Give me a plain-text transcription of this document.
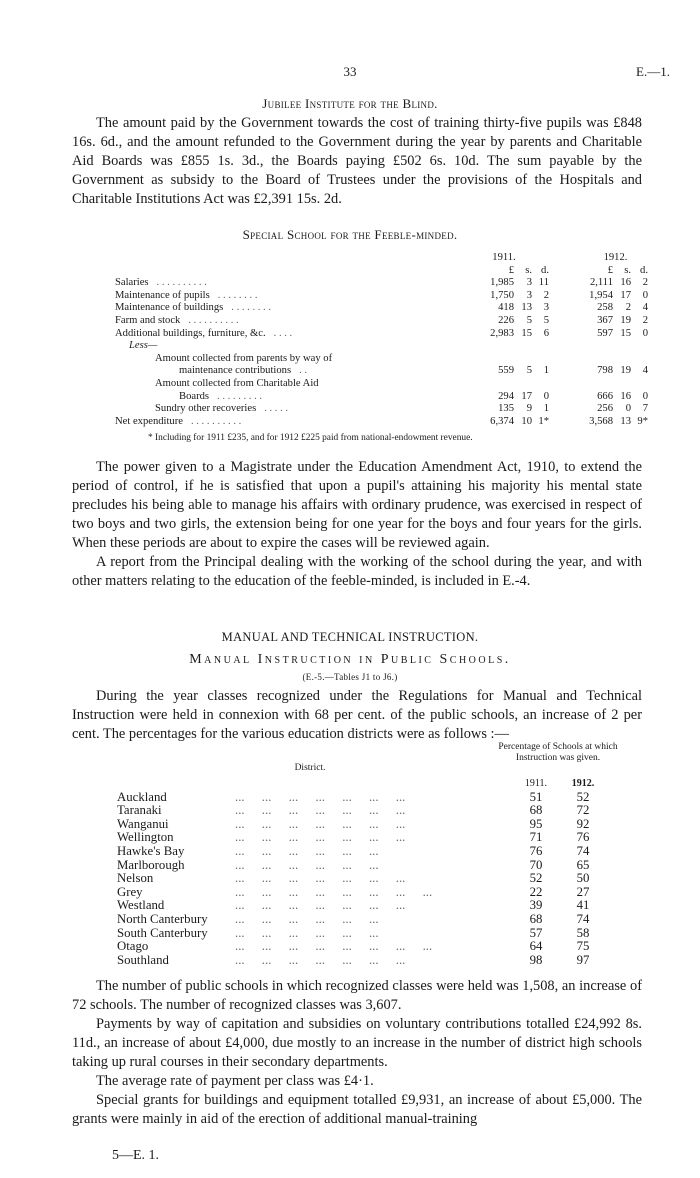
33	E.—1.
Jubilee Institute for the Blind.

The amount paid by the Government towards the cost of training thirty-five pupils was £848 16s. 6d., and the amount refunded to the Government during the year by parents and Charitable Aid Boards was £855 1s. 3d., the Boards paying £502 6s. 10d. The sum payable by the Government as subsidy to the Board of Trustees under the provisions of the Hospitals and Charitable Institutions Act was £2,391 15s. 2d.

Special School for the Feeble-minded.
	1911.				1912.		
	£	s.	d.		£	s.	d.
Salaries . . . . . . . . . .	1,985	3	11		2,111	16	2
Maintenance of pupils . . . . . . . .	1,750	3	2		1,954	17	0
Maintenance of buildings . . . . . . . .	418	13	3		258	2	4
Farm and stock . . . . . . . . . .	226	5	5		367	19	2
Additional buildings, furniture, &c. . . . .	2,983	15	6		597	15	0
Less—							
Amount collected from parents by way of							
maintenance contributions . .	559	5	1		798	19	4
Amount collected from Charitable Aid							
Boards . . . . . . . . .	294	17	0		666	16	0
Sundry other recoveries . . . . .	135	9	1		256	0	7
Net expenditure . . . . . . . . . .	6,374	10	1*		3,568	13	9*
* Including for 1911 £235, and for 1912 £225 paid from national-endowment revenue.

The power given to a Magistrate under the Education Amendment Act, 1910, to extend the period of control, if he is satisfied that upon a pupil's attaining his majority his mental state precludes his being able to manage his affairs with ordinary prudence, was exercised in respect of two boys and two girls, the extension being for one year for the boys and four years for the girls. When these periods are about to expire the cases will be reviewed again.

A report from the Principal dealing with the working of the school during the year, and with other matters relating to the education of the feeble-minded, is included in E.-4.

MANUAL AND TECHNICAL INSTRUCTION.
Manual Instruction in Public Schools.
(E.-5.—Tables J1 to J6.)

During the year classes recognized under the Regulations for Manual and Technical Instruction were held in connexion with 68 per cent. of the public schools, an increase of 2 per cent. The percentages for the various education districts were as follows :—

District.
Percentage of Schools at which Instruction was given.
	1911.	1912.
Auckland ... ... ... ... ... ... ...	51	52
Taranaki ... ... ... ... ... ... ...	68	72
Wanganui ... ... ... ... ... ... ...	95	92
Wellington ... ... ... ... ... ... ...	71	76
Hawke's Bay ... ... ... ... ... ...	76	74
Marlborough ... ... ... ... ... ...	70	65
Nelson ... ... ... ... ... ... ...	52	50
Grey ... ... ... ... ... ... ... ...	22	27
Westland ... ... ... ... ... ... ...	39	41
North Canterbury ... ... ... ... ... ...	68	74
South Canterbury ... ... ... ... ... ...	57	58
Otago ... ... ... ... ... ... ... ...	64	75
Southland ... ... ... ... ... ... ...	98	97

The number of public schools in which recognized classes were held was 1,508, an increase of 72 schools. The number of recognized classes was 3,607.

Payments by way of capitation and subsidies on voluntary contributions totalled £24,992 8s. 11d., an increase of about £4,000, due mostly to an increase in the number of district high schools taking up rural courses in their secondary departments.

The average rate of payment per class was £4·1.

Special grants for buildings and equipment totalled £9,931, an increase of about £5,000. The grants were mainly in aid of the erection of additional manual-training

5—E. 1.
